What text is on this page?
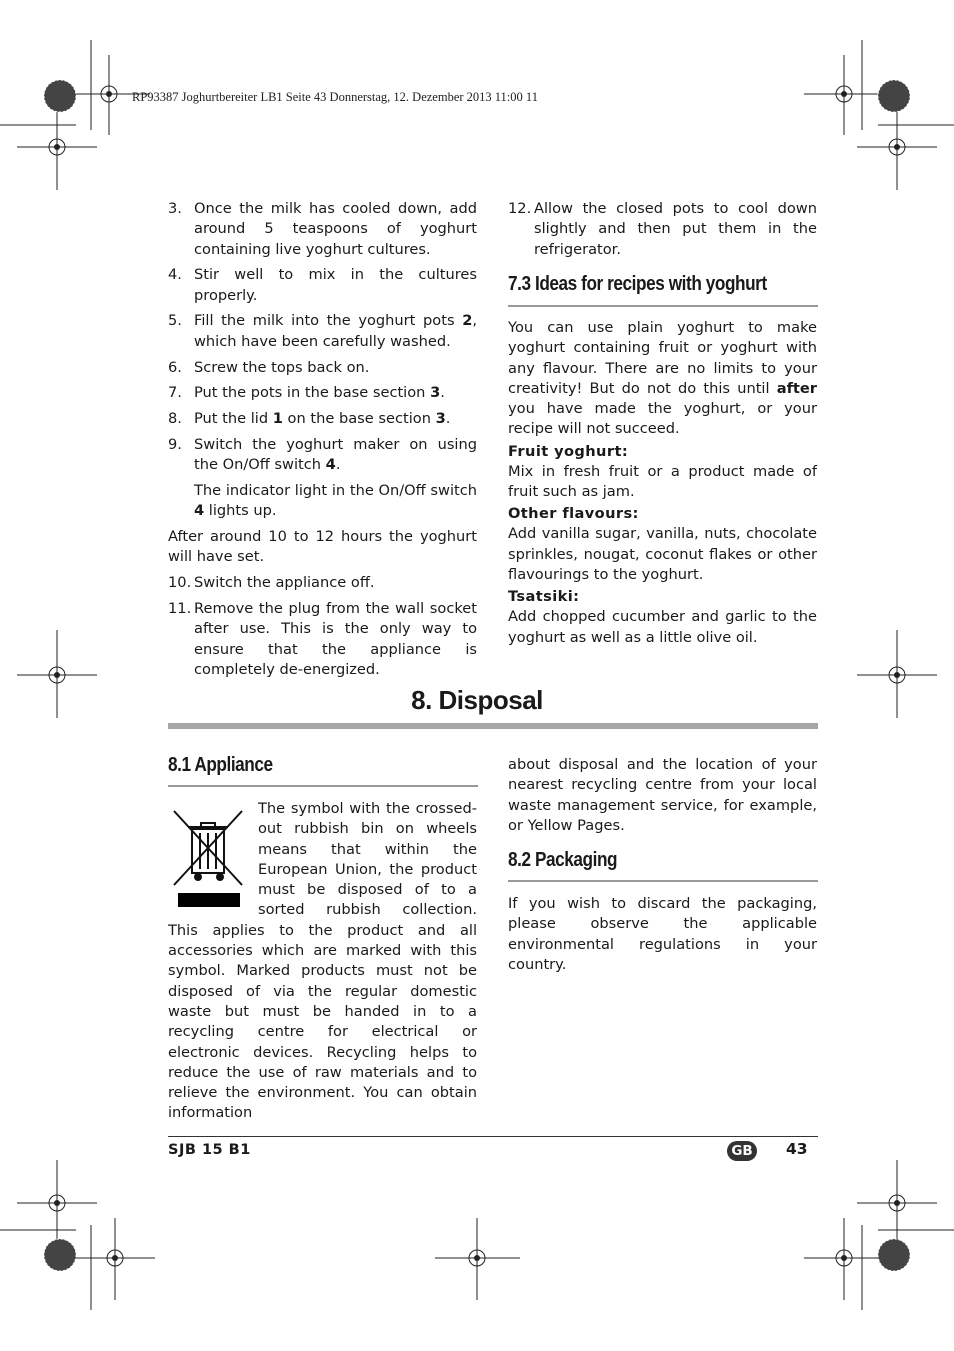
RP93387 Joghurtbereiter LB1 Seite 43 Donnerstag, 12. Dezember 2013 11:00 11
3. Once the milk has cooled down, add around 5 teaspoons of yoghurt containing live yoghurt cultures.
4. Stir well to mix in the cultures properly.
5. Fill the milk into the yoghurt pots 2, which have been carefully washed.
6. Screw the tops back on.
7. Put the pots in the base section 3.
8. Put the lid 1 on the base section 3.
9. Switch the yoghurt maker on using the On/Off switch 4.
The indicator light in the On/Off switch 4 lights up.
After around 10 to 12 hours the yoghurt will have set.
10. Switch the appliance off.
11. Remove the plug from the wall socket after use. This is the only way to ensure that the appliance is completely de-energized.
12. Allow the closed pots to cool down slightly and then put them in the refrigerator.
7.3 Ideas for recipes with yoghurt
You can use plain yoghurt to make yoghurt containing fruit or yoghurt with any flavour. There are no limits to your creativity! But do not do this until after you have made the yoghurt, or your recipe will not succeed.
Fruit yoghurt:
Mix in fresh fruit or a product made of fruit such as jam.
Other flavours:
Add vanilla sugar, vanilla, nuts, chocolate sprinkles, nougat, coconut flakes or other flavourings to the yoghurt.
Tsatsiki:
Add chopped cucumber and garlic to the yoghurt as well as a little olive oil.
8. Disposal
8.1 Appliance
The symbol with the crossed-out rubbish bin on wheels means that within the European Union, the product must be disposed of to a sorted rubbish collection. This applies to the product and all accessories which are marked with this symbol. Marked products must not be disposed of via the regular domestic waste but must be handed in to a recycling centre for electrical or electronic devices. Recycling helps to reduce the use of raw materials and to relieve the environment. You can obtain information
about disposal and the location of your nearest recycling centre from your local waste management service, for example, or Yellow Pages.
8.2 Packaging
If you wish to discard the packaging, please observe the applicable environmental regulations in your country.
SJB 15 B1	GB 43
